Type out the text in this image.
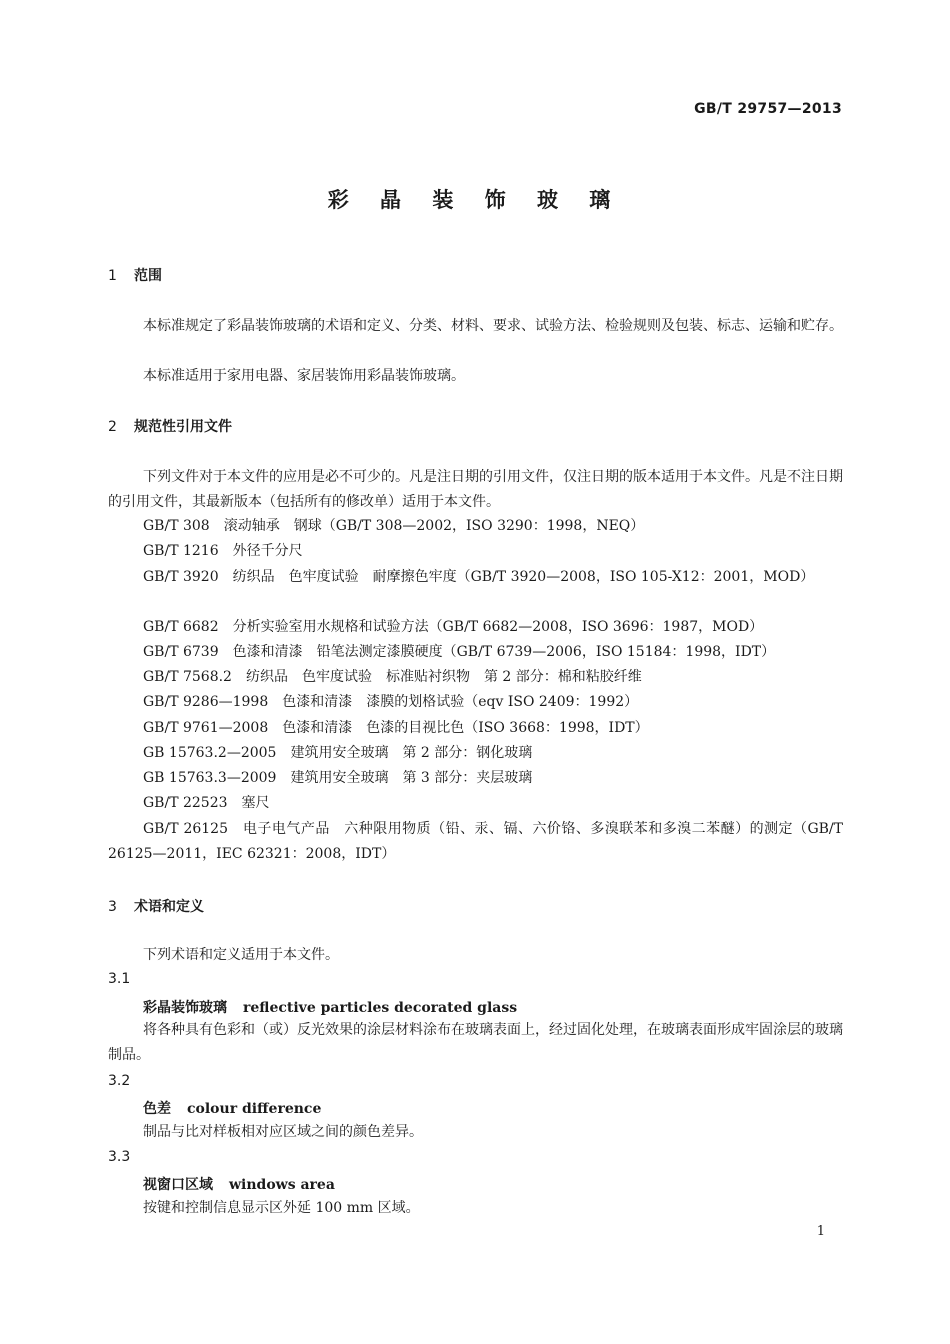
GB/T 29757—2013
彩 晶 装 饰 玻 璃
1 范围
本标准规定了彩晶装饰玻璃的术语和定义、分类、材料、要求、试验方法、检验规则及包装、标志、运输和贮存。
本标准适用于家用电器、家居装饰用彩晶装饰玻璃。
2 规范性引用文件
下列文件对于本文件的应用是必不可少的。凡是注日期的引用文件，仅注日期的版本适用于本文件。凡是不注日期的引用文件，其最新版本（包括所有的修改单）适用于本文件。
GB/T 308　滚动轴承　钢球（GB/T 308—2002，ISO 3290：1998，NEQ）
GB/T 1216　外径千分尺
GB/T 3920　纺织品　色牢度试验　耐摩擦色牢度（GB/T 3920—2008，ISO 105-X12：2001，MOD）
GB/T 6682　分析实验室用水规格和试验方法（GB/T 6682—2008，ISO 3696：1987，MOD）
GB/T 6739　色漆和清漆　铅笔法测定漆膜硬度（GB/T 6739—2006，ISO 15184：1998，IDT）
GB/T 7568.2　纺织品　色牢度试验　标准贴衬织物　第 2 部分：棉和粘胶纤维
GB/T 9286—1998　色漆和清漆　漆膜的划格试验（eqv ISO 2409：1992）
GB/T 9761—2008　色漆和清漆　色漆的目视比色（ISO 3668：1998，IDT）
GB 15763.2—2005　建筑用安全玻璃　第 2 部分：钢化玻璃
GB 15763.3—2009　建筑用安全玻璃　第 3 部分：夹层玻璃
GB/T 22523　塞尺
GB/T 26125　电子电气产品　六种限用物质（铅、汞、镉、六价铬、多溴联苯和多溴二苯醚）的测定（GB/T 26125—2011，IEC 62321：2008，IDT）
3 术语和定义
下列术语和定义适用于本文件。
3.1
彩晶装饰玻璃 reflective particles decorated glass
将各种具有色彩和（或）反光效果的涂层材料涂布在玻璃表面上，经过固化处理，在玻璃表面形成牢固涂层的玻璃制品。
3.2
色差 colour difference
制品与比对样板相对应区域之间的颜色差异。
3.3
视窗口区域 windows area
按键和控制信息显示区外延 100 mm 区域。
1
